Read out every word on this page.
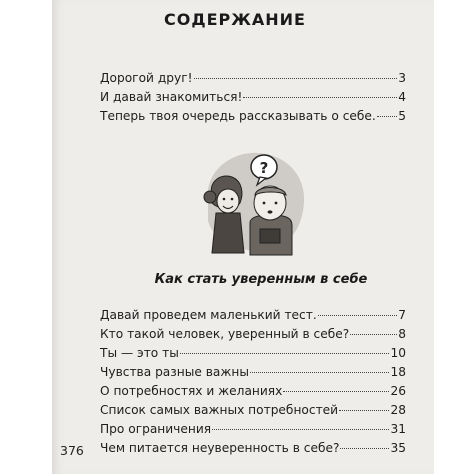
СОДЕРЖАНИЕ
Дорогой друг!	3
И давай знакомиться!	4
Теперь твоя очередь рассказывать о себе. 5
?
Как стать уверенным в себе
Давай проведем маленький тест.	7
Кто такой человек, уверенный в себе?	8
Ты — это ты	10
Чувства разные важны	18
О потребностях и желаниях	26
Список самых важных потребностей	28
Про ограничения	31
Чем питается неуверенность в себе?	35
376
